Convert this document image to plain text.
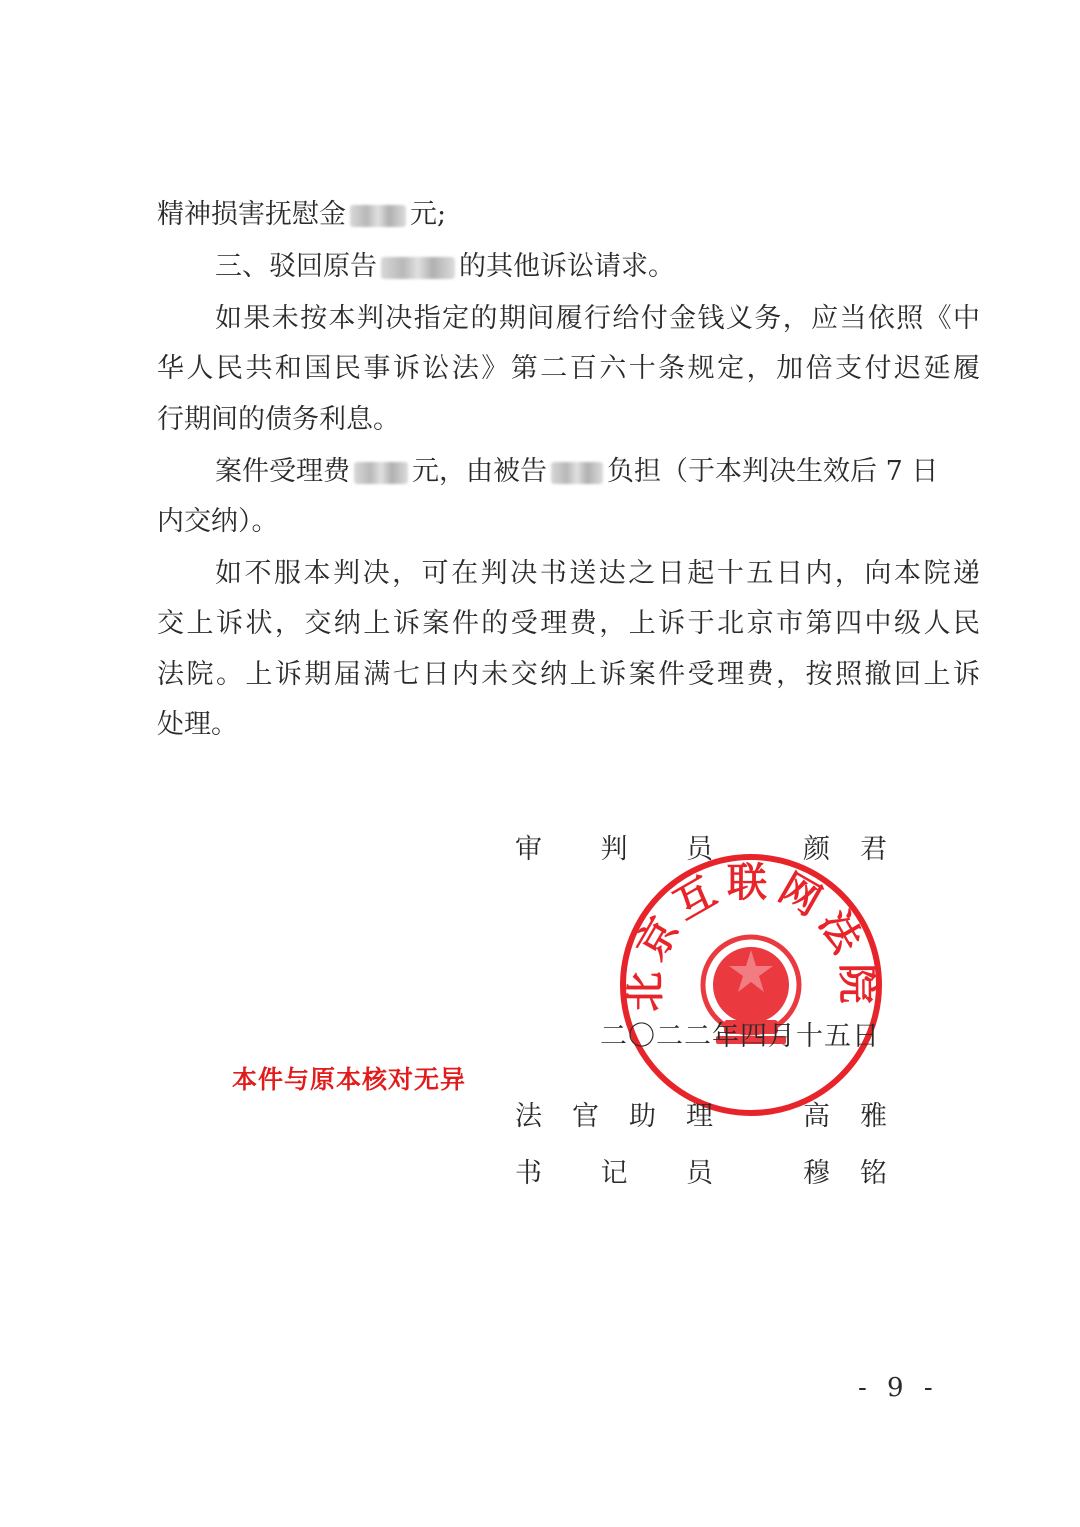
精神损害抚慰金 元;
三、驳回原告	的其他诉讼请求。
如果未按本判决指定的期间履行给付金钱义务，应当依照《中
华人民共和国民事诉讼法》第二百六十条规定，加倍支付迟延履
行期间的债务利息。
案件受理费 元，由被告 负担（于本判决生效后 7 日
内交纳）。
如不服本判决，可在判决书送达之日起十五日内，向本院递
交上诉状，交纳上诉案件的受理费，上诉于北京市第四中级人民
法院。上诉期届满七日内未交纳上诉案件受理费，按照撤回上诉
处理。
北京互联网法院
审 判 员	颜 君
二〇二二年四月十五日
本件与原本核对无异
法 官 助 理	高 雅
书 记 员	穆 铭
- 9 -
